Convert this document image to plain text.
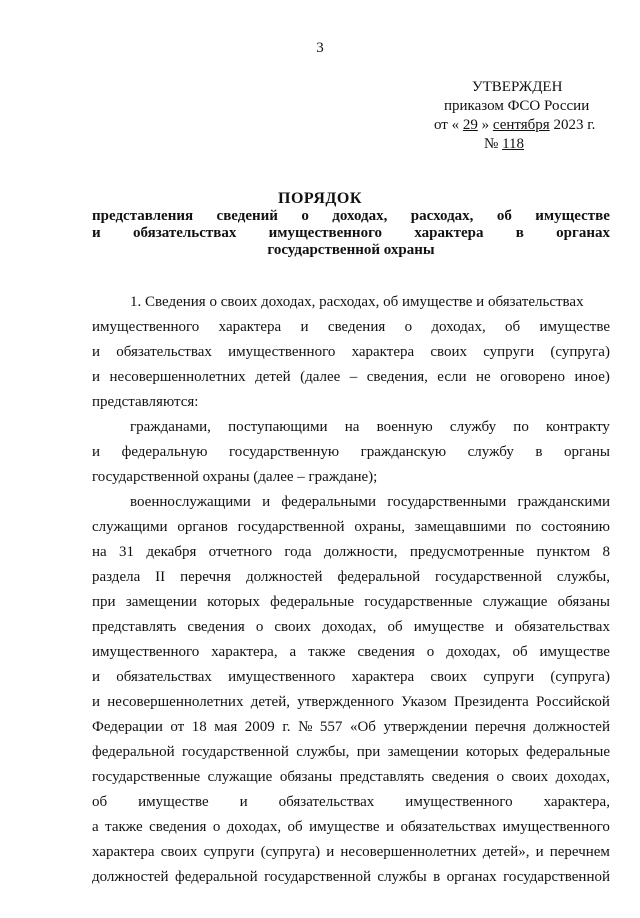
3
УТВЕРЖДЕН
приказом ФСО России
от « 29 » сентября 2023 г.
№ 118
ПОРЯДОК
представления сведений о доходах, расходах, об имуществе
и обязательствах имущественного характера в органах
государственной охраны
1. Сведения о своих доходах, расходах, об имуществе и обязательствах
имущественного характера и сведения о доходах, об имуществе
и обязательствах имущественного характера своих супруги (супруга)
и несовершеннолетних детей (далее – сведения, если не оговорено иное)
представляются:
гражданами, поступающими на военную службу по контракту
и федеральную государственную гражданскую службу в органы
государственной охраны (далее – граждане);
военнослужащими и федеральными государственными гражданскими
служащими органов государственной охраны, замещавшими по состоянию
на 31 декабря отчетного года должности, предусмотренные пунктом 8
раздела II перечня должностей федеральной государственной службы,
при замещении которых федеральные государственные служащие обязаны
представлять сведения о своих доходах, об имуществе и обязательствах
имущественного характера, а также сведения о доходах, об имуществе
и обязательствах имущественного характера своих супруги (супруга)
и несовершеннолетних детей, утвержденного Указом Президента Российской
Федерации от 18 мая 2009 г. № 557 «Об утверждении перечня должностей
федеральной государственной службы, при замещении которых федеральные
государственные служащие обязаны представлять сведения о своих доходах,
об имуществе и обязательствах имущественного характера,
а также сведения о доходах, об имуществе и обязательствах имущественного
характера своих супруги (супруга) и несовершеннолетних детей», и перечнем
должностей федеральной государственной службы в органах государственной
